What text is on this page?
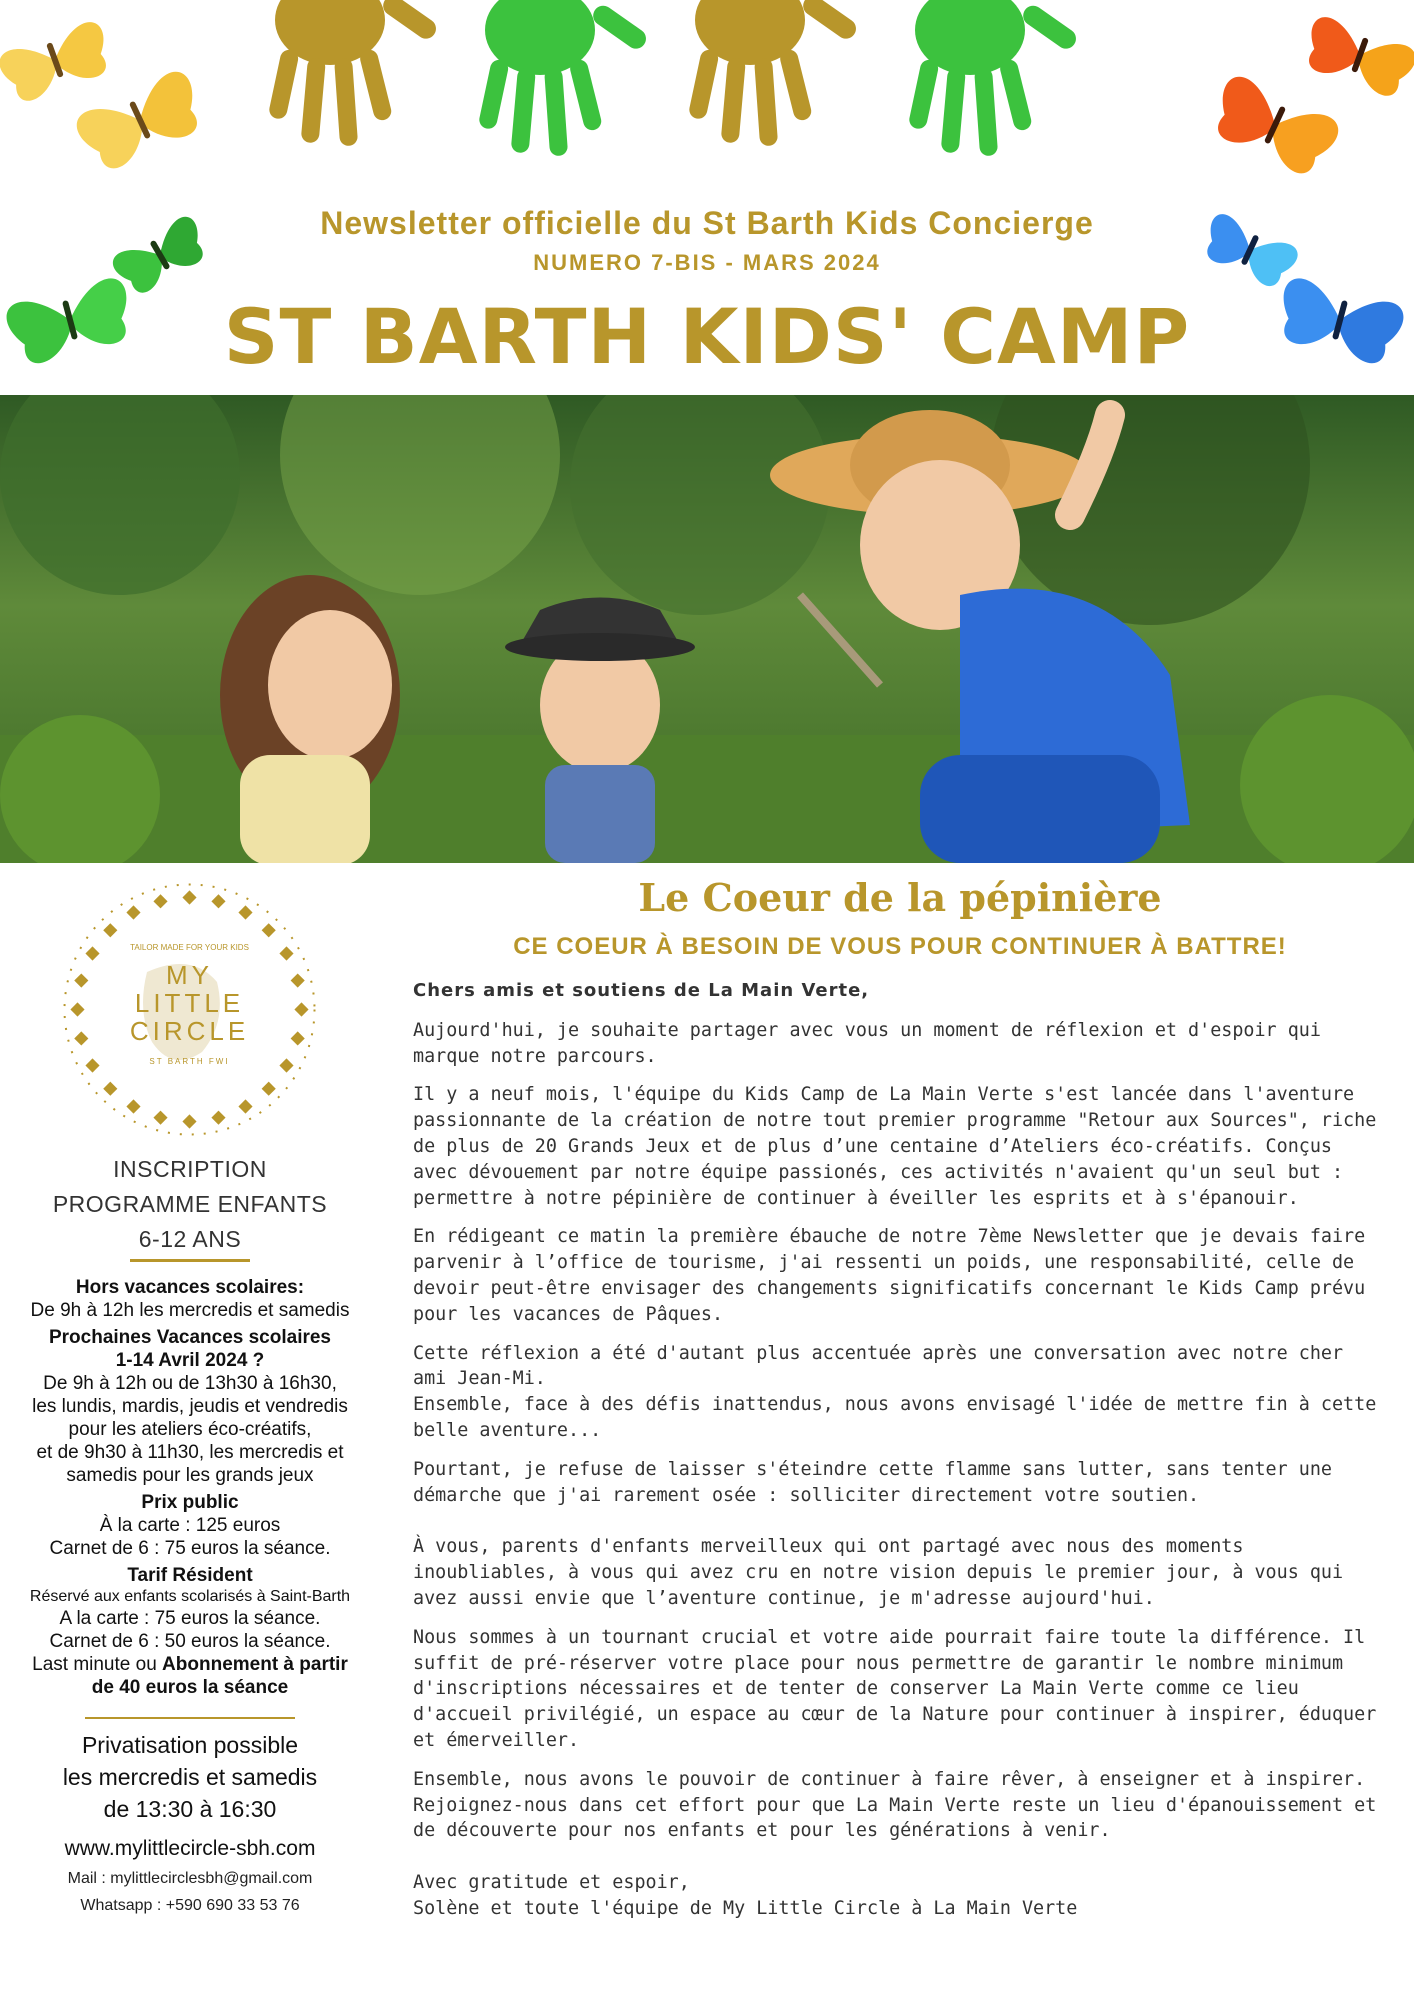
Newsletter officielle du St Barth Kids Concierge
NUMERO 7-BIS - MARS 2024
ST BARTH KIDS' CAMP
TAILOR MADE FOR YOUR KIDS
MY
LITTLE
CIRCLE
ST BARTH FWI
INSCRIPTION
PROGRAMME ENFANTS
6-12 ANS
Hors vacances scolaires:
De 9h à 12h les mercredis et samedis
Prochaines Vacances scolaires
1-14 Avril 2024 ?
De 9h à 12h ou de 13h30 à 16h30,
les lundis, mardis, jeudis et vendredis
pour les ateliers éco-créatifs,
et de 9h30 à 11h30, les mercredis et
samedis pour les grands jeux
Prix public
À la carte : 125 euros
Carnet de 6 : 75 euros la séance.
Tarif Résident
Réservé aux enfants scolarisés à Saint-Barth
A la carte : 75 euros la séance.
Carnet de 6 : 50 euros la séance.
Last minute ou Abonnement à partir
de 40 euros la séance
Privatisation possible
les mercredis et samedis
de 13:30 à 16:30
www.mylittlecircle-sbh.com
Mail : mylittlecirclesbh@gmail.com
Whatsapp : +590 690 33 53 76
Le Coeur de la pépinière
CE COEUR À BESOIN DE VOUS POUR CONTINUER À BATTRE!

Chers amis et soutiens de La Main Verte,

Aujourd'hui, je souhaite partager avec vous un moment de réflexion et d'espoir qui marque notre parcours.

Il y a neuf mois, l'équipe du Kids Camp de La Main Verte s'est lancée dans l'aventure passionnante de la création de notre tout premier programme "Retour aux Sources", riche de plus de 20 Grands Jeux et de plus d’une centaine d’Ateliers éco-créatifs. Conçus avec dévouement par notre équipe passionés, ces activités n'avaient qu'un seul but : permettre à notre pépinière de continuer à éveiller les esprits et à s'épanouir.

En rédigeant ce matin la première ébauche de notre 7ème Newsletter que je devais faire parvenir à l’office de tourisme, j'ai ressenti un poids, une responsabilité, celle de devoir peut-être envisager des changements significatifs concernant le Kids Camp prévu pour les vacances de Pâques.

Cette réflexion a été d'autant plus accentuée après une conversation avec notre cher ami Jean-Mi.
Ensemble, face à des défis inattendus, nous avons envisagé l'idée de mettre fin à cette belle aventure...

Pourtant, je refuse de laisser s'éteindre cette flamme sans lutter, sans tenter une démarche que j'ai rarement osée : solliciter directement votre soutien.

À vous, parents d'enfants merveilleux qui ont partagé avec nous des moments inoubliables, à vous qui avez cru en notre vision depuis le premier jour, à vous qui avez aussi envie que l’aventure continue, je m'adresse aujourd'hui.

Nous sommes à un tournant crucial et votre aide pourrait faire toute la différence. Il suffit de pré-réserver votre place pour nous permettre de garantir le nombre minimum d'inscriptions nécessaires et de tenter de conserver La Main Verte comme ce lieu d'accueil privilégié, un espace au cœur de la Nature pour continuer à inspirer, éduquer et émerveiller.

Ensemble, nous avons le pouvoir de continuer à faire rêver, à enseigner et à inspirer. Rejoignez-nous dans cet effort pour que La Main Verte reste un lieu d'épanouissement et de découverte pour nos enfants et pour les générations à venir.

Avec gratitude et espoir,
Solène et toute l'équipe de My Little Circle à La Main Verte
